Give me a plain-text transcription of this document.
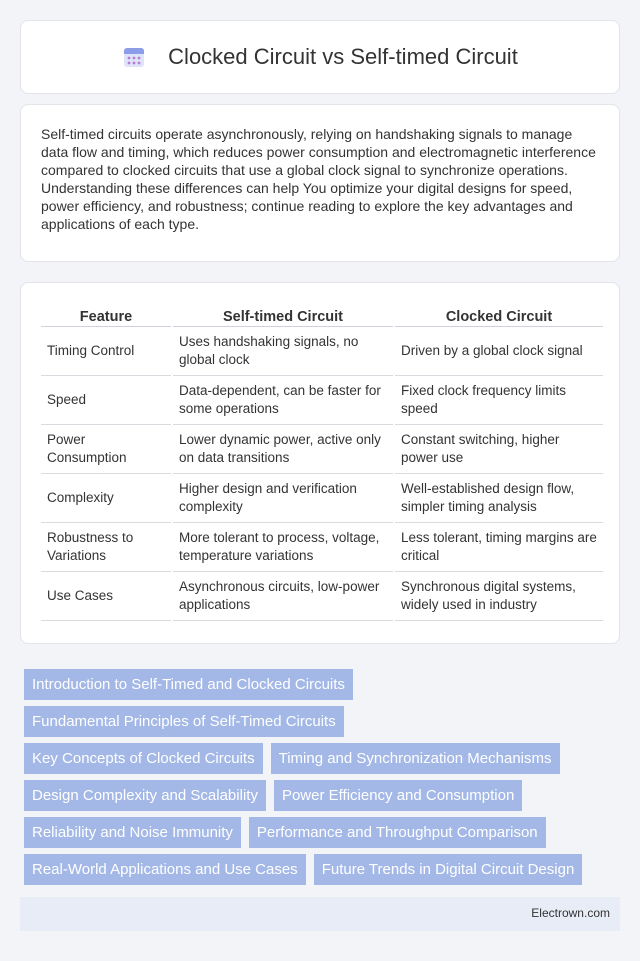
Clocked Circuit vs Self-timed Circuit

Self-timed circuits operate asynchronously, relying on handshaking signals to manage data flow and timing, which reduces power consumption and electromagnetic interference compared to clocked circuits that use a global clock signal to synchronize operations. Understanding these differences can help You optimize your digital designs for speed, power efficiency, and robustness; continue reading to explore the key advantages and applications of each type.

Feature	Self-timed Circuit	Clocked Circuit
Timing Control	Uses handshaking signals, no global clock	Driven by a global clock signal
Speed	Data-dependent, can be faster for some operations	Fixed clock frequency limits speed
Power Consumption	Lower dynamic power, active only on data transitions	Constant switching, higher power use
Complexity	Higher design and verification complexity	Well-established design flow, simpler timing analysis
Robustness to Variations	More tolerant to process, voltage, temperature variations	Less tolerant, timing margins are critical
Use Cases	Asynchronous circuits, low-power applications	Synchronous digital systems, widely used in industry
Introduction to Self-Timed and Clocked Circuits
Fundamental Principles of Self-Timed Circuits
Key Concepts of Clocked Circuits	Timing and Synchronization Mechanisms
Design Complexity and Scalability	Power Efficiency and Consumption
Reliability and Noise Immunity	Performance and Throughput Comparison
Real-World Applications and Use Cases	Future Trends in Digital Circuit Design
Electrown.com
